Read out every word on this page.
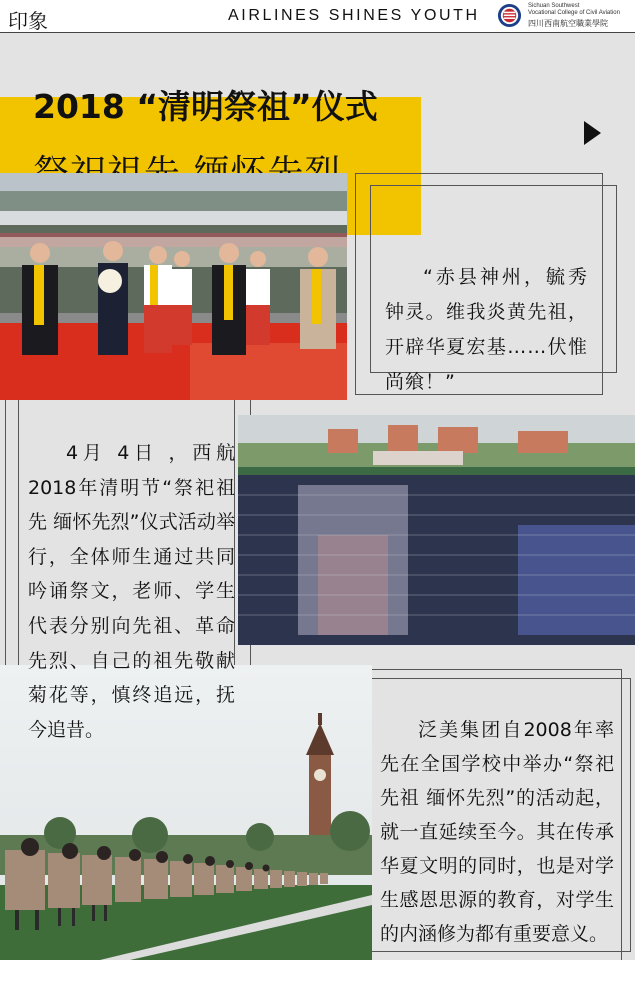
印象	AIRLINES SHINES YOUTH
Sichuan Southwest
Vocational College of Civil Aviation
四川西南航空職業學院
2018 “清明祭祖”仪式
“赤县神州，毓秀钟灵。维我炎黄先祖，开辟华夏宏基……伏惟尚飨！”
4月 4日 ，西航2018年清明节“祭祀祖先 缅怀先烈”仪式活动举行，全体师生通过共同吟诵祭文，老师、学生代表分别向先祖、革命先烈、自己的祖先敬献菊花等，慎终追远，抚今追昔。	泛美集团自2008年率先在全国学校中举办“祭祀先祖 缅怀先烈”的活动起，就一直延续至今。其在传承华夏文明的同时，也是对学生感恩思源的教育，对学生的内涵修为都有重要意义。
